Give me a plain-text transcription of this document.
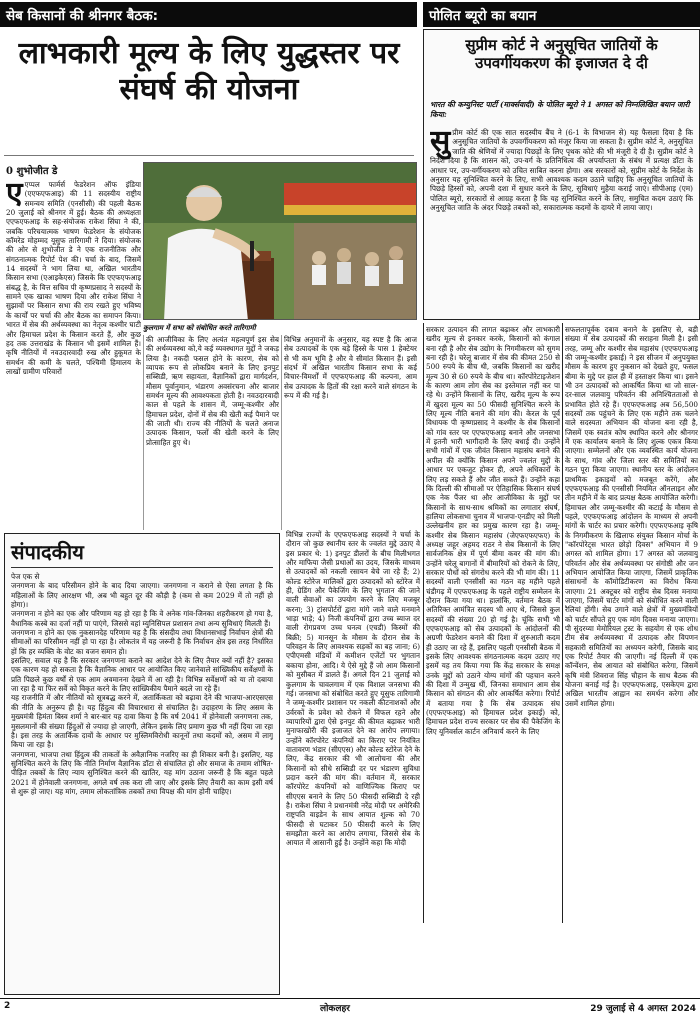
सेब किसानों की श्रीनगर बैठक:
लाभकारी मूल्य के लिए युद्धस्तर पर संघर्ष की योजना
0 शुभोजीत डे
कुलगाम में सभा को संबोधित करते तारिगामी
ए एप्पल फार्मर्स फेडरेशन ऑफ इंडिया (एएफएफआइ) की 11 सदस्यीय राष्ट्रीय समन्वय समिति (एनसीसी) की पहली बैठक 20 जुलाई को श्रीनगर में हुई। बैठक की अध्यक्षता एएफएफआइ के सह-संयोजक राकेश सिंघा ने की, जबकि परिचयात्मक भाषण फेडरेशन के संयोजक कॉमरेड मोहम्मद यूसुफ तारिगामी ने दिया। संयोजक की ओर से शुभोजीत डे ने एक राजनीतिक और संगठनात्मक रिपोर्ट पेश की। चर्चा के बाद, जिसमें 14 सदस्यों ने भाग लिया था, अखिल भारतीय किसान सभा (एआइकेएस) जिसके कि एएफएफआइ संबद्ध है, के वित्त सचिव पी कृष्णप्रसाद ने सदस्यों के सामने एक खाका भाषण दिया और राकेश सिंघा ने सुझावों पर किसान सभा की राय रखते हुए भविष्य के कार्यों पर चर्चा की और बैठक का समापन किया। भारत में सेब की अर्थव्यवस्था का नेतृत्व कश्मीर घाटी और हिमाचल प्रदेश के किसान करते हैं, और कुछ हद तक उत्तराखंड के किसान भी इसमें शामिल हैं। कृषि नीतियों में नवउदारवादी रुख और हुकूमत के समर्थन की कमी के चलते, पश्चिमी हिमालय के लाखों ग्रामीण परिवारों
की आजीविका के लिए अत्यंत महत्वपूर्ण इस सेब की अर्थव्यवस्था को,ये कई व्यवस्थागत मुद्दों ने जकड़ लिया है। नकदी फसल होने के कारण, सेब को व्यापक रूप से लोकप्रिय बनाने के लिए इनपुट सब्सिडी, ऋण सहायता, वैज्ञानिकों द्वारा मार्गदर्शन, मौसम पूर्वानुमान, भंडारण अवसंरचना और बाजार समर्थन मूल्य की आवश्यकता होती है। नवउदारवादी काल से पहले के शासन में, जम्मू-कश्मीर और हिमाचल प्रदेश, दोनों में सेब की खेती कई पैमाने पर की जाती थी। राज्य की नीतियों के चलते अनाज उत्पादक किसान, फलों की खेती करने के लिए प्रोत्साहित हुए थे।
विभिन्न अनुमानों के अनुसार, यह स्पष्ट है कि आज सेब उत्पादकों के एक बड़े हिस्से के पास 1 हेक्टेयर से भी कम भूमि है और वे सीमांत किसान हैं। इसी संदर्भ में अखिल भारतीय किसान सभा के कई विचार-विमर्शों में एएफएफआइ की कल्पना, आम सेब उत्पादक के हितों की रक्षा करने वाले संगठन के रूप में की गई है।
पोलित ब्यूरो का बयान
सुप्रीम कोर्ट ने अनुसूचित जातियों के उपवर्गीयकरण की इजाजत दे दी
भारत की कम्युनिस्ट पार्टी (मार्क्सवादी) के पोलित ब्यूरो ने 1 अगस्त को निम्नलिखित बयान जारी किया:
सु प्रीम कोर्ट की एक सात सदस्यीय बैंच ने (6-1 के विभाजन से) यह फैसला दिया है कि अनुसूचित जातियों के उपवर्गीयकरण को मंजूर किया जा सकता है। सुप्रीम कोर्ट ने, अनुसूचित जाति की श्रेणियों में ज्यादा पिछड़ों के लिए पृथक कोटे की भी मंजूरी दे दी है। सुप्रीम कोर्ट ने निर्देश दिया है कि शासन को, उप-वर्ग के प्रतिनिधित्व की अपर्याप्तता के संबंध में प्रत्यक्ष डॉटा के आधार पर, उप-वर्गीयकरण को उचित साबित करना होगा। अब सरकारों को, सुप्रीम कोर्ट के निर्देश के अनुसार यह सुनिश्चित करने के लिए, सभी आवश्यक कदम उठाने चाहिए कि अनुसूचित जातियों के पिछड़े हिस्सों को, अपनी दशा में सुधार करने के लिए, सुविधाएं मुहैया कराई जाएं। सीपीआइ (एम) पोलित ब्यूरो, सरकारों से आग्रह करता है कि यह सुनिश्चित करने के लिए, समुचित कदम उठाएं कि अनुसूचित जाति के अंदर पिछड़े तबकों को, सकारात्मक कदमों के दायरे में लाया जाए।
विभिन्न राज्यों के एएफएफआइ सदस्यों ने चर्चा के दौरान जो कुछ स्थानीय स्तर के ज्वलंत मुद्दे उठाए वे इस प्रकार थे: 1) इनपुट डीलरों के बीच मिलीभगत और माफिया जैसी प्रथाओं का उदय, जिसके माध्यम से उत्पादकों को नकली रसायन बेचे जा रहे हैं; 2) कोल्ड स्टोरेज मालिकों द्वारा उत्पादकों को स्टोरेज में ही, ग्रेडिंग और पैकेजिंग के लिए भुगतान की जाने वाली सेवाओं का उपयोग करने के लिए मजबूर करना; 3) ट्रांसपोर्टरों द्वारा मांगे जाने वाले मनमाने भाड़ा भाड़े; 4) निजी कंपनियों द्वारा उच्च ब्याज दर वाली रोगप्रवण उच्च घनत्व (एचडी) किस्मों की बिक्री; 5) मानसून के मौसम के दौरान सेब के परिवहन के लिए आवश्यक सड़कों का बह जाना; 6) एपीएमसी मंडियों में कमीशन एजेंटों पर भुगतान बकाया होना, आदि। ये ऐसे मुद्दे हैं जो आम किसानों को मुसीबत में डालते हैं। अगले दिन 21 जुलाई को कुलगाम के चावलगाम में एक विशाल जनसभा की गई। जनसभा को संबोधित करते हुए यूसुफ तारिगामी ने जम्मू-कश्मीर प्रशासन पर नकली कीटनाशकों और उर्वरकों के प्रवेश को रोकने में विफल रहने और व्यापारियों द्वारा ऐसे इनपुट की कीमत बढ़ाकर भारी मुनाफाखोरी की इजाजत देने का आरोप लगाया। उन्होंने कॉरपोरेट कंपनियों का किराए पर नियंत्रित वातावरण भंडार (सीएएस) और कोल्ड स्टोरेज देने के लिए, केंद्र सरकार की भी आलोचना की और किसानों को सीधे सब्सिडी दर पर भंडारण सुविधा प्रदान करने की मांग की। वर्तमान में, सरकार कॉरपोरेट कंपनियों को वाणिज्यिक किराए पर सीएएस बनाने के लिए 50 फीसदी सब्सिडी दे रही है। राकेश सिंघा ने प्रधानमंत्री नरेंद्र मोदी पर अमेरिकी राष्ट्रपति वाइडेन के साथ आयात शुल्क को 70 फीसदी से घटाकर 50 फीसदी करने के लिए समझौता करने का आरोप लगाया, जिससे सेब के आयात में आसानी हुई है। उन्होंने कहा कि मोदी
सरकार उत्पादन की लागत बढ़ाकर और लाभकारी खरीद मूल्य से इनकार करके, किसानों को कंगाल बना रही है और सेब उद्योग के निगमीकरण को सुगम बना रही है। चरेलू बाजार में सेब की कीमत 250 से 500 रुपये के बीच थी, जबकि किसानों का खरीद मूल्य 30 से 60 रुपये के बीच था। कॉरपोरेटाइजेशन के कारण आम लोग सेब का इस्तेमाल नहीं कर पा रहे थे। उन्होंने किसानों के लिए, खरीद मूल्य के रूप में खुदरा मूल्य का 50 फीसदी सुनिश्चित करने के लिए मूल्य नीति बनाने की मांग की। केरल के पूर्व विधायक पी कृष्णप्रसाद ने कश्मीर के सेब किसानों को गांव स्तर पर एएफएफआइ बनाने और जनसभा में इतनी भारी भागीदारी के लिए बधाई दी। उन्होंने सभी गांवों में एक जीवंत किसान महासंघ बनाने की अपील की क्योंकि किसान अपने ज्वलंत मुद्दों के आधार पर एकजुट होकर ही, अपने अधिकारों के लिए लड़ सकते हैं और जीत सकते हैं। उन्होंने कहा कि दिल्ली की सीमाओं पर ऐतिहासिक किसान संघर्ष एक नेक पैंजर था और आजीविका के मुद्दों पर किसानों के साथ-साथ श्रमिकों का लगातार संघर्ष, हालिया लोकसभा चुनाव में भाजपा-एनडीए को मिली उल्लेखनीय हार का प्रमुख कारण रहा है। जम्मू-कश्मीर सेब किसान महासंघ (जेएफएफएफए) के अध्यक्ष जहूर अहमद राठर ने सेब किसानों के लिए सार्वजनिक क्षेत्र में पूर्ण बीमा कवर की मांग की। उन्होंने चरेलू बागानों में बीमारियों को रोकने के लिए, सरकार पौधों को संगरोध करने की भी मांग की। 11 सदस्यों वाली एनसीसी का गठन वह महीने पहले चंडीगढ़ में एएफएफआइ के पहले राष्ट्रीय सम्मेलन के दौरान किया गया था। हालांकि, वर्तमान बैठक में अतिरिक्त आमंत्रित सदस्य भी आए थे, जिससे कुल सदस्यों की संख्या 20 हो गई है। चूंकि सभी भी एएफएफआइ को सेब उत्पादकों के आंदोलनों की अग्रणी फेडरेशन बनाने की दिशा में शुरुआती कदम ही उठाए जा रहे हैं, इसलिए पहली एनसीसी बैठक में इसके लिए आवश्यक संगठनात्मक कदम उठाए गए इसमें यह तय किया गया कि केंद्र सरकार के समक्ष उनके मुद्दों को उठाने योग्य मांगों की पहचान करने की दिशा में उन्मुख थीं, जिनका समाधान आम सेब किसान को संगठन की ओर आकर्षित करेगा। रिपोर्ट में बताया गया है कि सेब उत्पादक संघ (एएफएफआइ) को हिमाचल प्रदेश इकाई) को, हिमाचल प्रदेश राज्य सरकार पर सेब की पैकेजिंग के लिए यूनिवर्सल कार्टन अनिवार्य करने के लिए
सफलतापूर्वक दबाव बनाने के इसलिए से, बड़ी संख्या में सेब उत्पादकों की सराहना मिली है। इसी तरह, जम्मू और कश्मीर सेब महासंघ (एएफएफआइ की जम्मू-कश्मीर इकाई) ने इस सीजन में अनुपयुक्त मौसम के कारण हुए नुकसान को देखते हुए, फसल बीमा के मुद्दे पर हाल ही में हस्ताक्षर किया था। इसने भी उन उत्पादकों को आकर्षित किया था जो साल-दर-साल जलवायु परिवर्तन की अनिश्चितताओं से प्रभावित होते रहे हैं। एएफएफआइ अब 56,500 सदस्यों तक पहुंचने के लिए एक महीने तक चलने वाले सदस्यता अभियान की योजना बना रही है, जिसमें एक स्वतंत्र कोष स्थापित करने और श्रीनगर में एक कार्यालय बनाने के लिए शुल्क एकत्र किया जाएगा। सम्मेलनों और एक व्यवस्थित कार्य योजना के साथ, गांव और जिला स्तर की समितियों का गठन पूरा किया जाएगा। स्थानीय स्तर के आंदोलन प्राथमिक इकाइयों को मजबूत करेंगे, और एएफएफआइ की एनसीसी नियमित ऑनलाइन और तीन महीने में के बाद प्रत्यक्ष बैठक आयोजित करेगी। हिमाचल और जम्मू-कश्मीर की कटाई के मौसम से पहले, एएफएफआइ आंदोलन के माध्यम से अपनी मांगों के चार्टर का प्रचार करेगी। एएफएफआइ कृषि के निगमीकरण के खिलाफ संयुक्त किसान मोर्चा के "कॉरपोरेट्स भारत छोड़ो दिवस" अभियान में 9 अगस्त को शामिल होगा। 17 अगस्त को जलवायु परिवर्तन और सेब अर्थव्यवस्था पर संगोष्ठी और जन अभियान आयोजित किया जाएगा, जिसमें प्राकृतिक संसाधनों के कॉमोडिटीकरण का विरोध किया जाएगा। 21 अक्टूबर को राष्ट्रीय सेब दिवस मनाया जाएगा, जिसमें चार्टर मांगों को संबोधित करने वाली रैलियां होंगी। सेब उगाने वाले क्षेत्रों में मुख्यमंत्रियों को चार्टर सौंपते हुए एक मांग दिवस मनाया जाएगा। पी सुंदरय्या मेमोरियल ट्रस्ट के सहयोग से एक शोध टीम सेब अर्थव्यवस्था में उत्पादक और विपणन सहकारी समितियों का अध्ययन करेगी, जिसके बाद एक रिपोर्ट तैयार की जाएगी। नई दिल्ली में एक कॉन्वेंशन, सेब आयात को संबोधित करेगा, जिसमें कृषि मंत्री शिवराज सिंह चौहान के साथ बैठक की योजना बनाई गई है। एएफएफआइ, एसकेएम द्वारा अखिल भारतीय आह्वान का समर्थन करेगा और उसमें शामिल होगा।
संपादकीय
पेज एक से
जनगणना के बाद परिसीमन होने के बाद दिया जाएगा। जनगणना न कराने से ऐसा लगता है कि महिलाओं के लिए आरक्षण भी, अब भी बहुत दूर की कौड़ी है (कम से कम 2029 में तो नहीं हो होगा)।
जनगणना न होने का एक और परिणाम यह हो रहा है कि वे अनेक गांव-जिनका शहरीकरण हो गया है, वैधानिक कस्बे का दर्जा नहीं पा पाएंगे, जिससे वहां म्युनिसिपल प्रशासन तथा अन्य सुविधाएं मिलती हैं।
जनगणना न होने का एक नुकसानदेह परिणाम यह है कि संसदीय तथा विधानसभाई निर्वाचन क्षेत्रों की सीमाओं का परिसीमन नहीं हो पा रहा है। लोकतंत्र में यह जरूरी है कि निर्वाचन क्षेत्र इस तरह निर्धारित हों कि हर व्यक्ति के वोट का वजन समान हो।
इसलिए, सवाल यह है कि सरकार जनगणना कराने का आदेश देने के लिए तैयार क्यों नहीं है? इसका एक कारण यह हो सकता है कि वैज्ञानिक आधार पर आयोजित किए जानेवाले सांख्यिकीय सर्वेक्षणों के प्रति पिछले कुछ वर्षों से एक आम अवमानना देखने में आ रही है। विभिन्न सर्वेक्षणों को या तो दबाया जा रहा है या फिर सर्वे को विकृत करने के लिए सांख्यिकीय पैमाने बदले जा रहे हैं।
यह राजनीति में और नीतियों को सूत्रबद्ध करने में, अतार्किकता को बढ़ावा देने की भाजपा-आरएसएस की नीति के अनुरूप ही है। यह हिंदुत्व की विचारधारा से संचालित है। उदाहरण के लिए असम के मुख्यमंत्री हिमंता बिस्व शर्मा ने बार-बार यह दावा किया है कि वर्ष 2041 में होनेवाली जनगणना तक, मुसलमानों की संख्या हिंदुओं से ज्यादा हो जाएगी, लेकिन इसके लिए प्रमाण कुछ भी नहीं दिया जा रहा है। इस तरह के अतार्किक दावों के आधार पर मुस्लिमविरोधी कानूनों तथा कदमों को, असम में लागू किया जा रहा है।
जनगणना, भाजपा तथा हिंदुत्व की ताकतों के अवैज्ञानिक नजरिए का ही शिकार बनी है। इसलिए, यह सुनिश्चित करने के लिए कि नीति निर्माण वैज्ञानिक डॉटा से संचालित हो और समाज के तमाम शोषित-पीड़ित तबकों के लिए न्याय सुनिश्चित करने की खातिर, यह मांग उठाना जरूरी है कि बहुत पहले 2021 में होनेवाली जनगणना, अगले वर्ष तक करा ली जाए और इसके लिए तैयारी का काम इसी वर्ष से शुरू हो जाए। यह मांग, तमाम लोकतांत्रिक तबकों तथा विपक्ष की मांग होनी चाहिए।
2	लोकलहर	29 जुलाई से 4 अगस्त 2024
